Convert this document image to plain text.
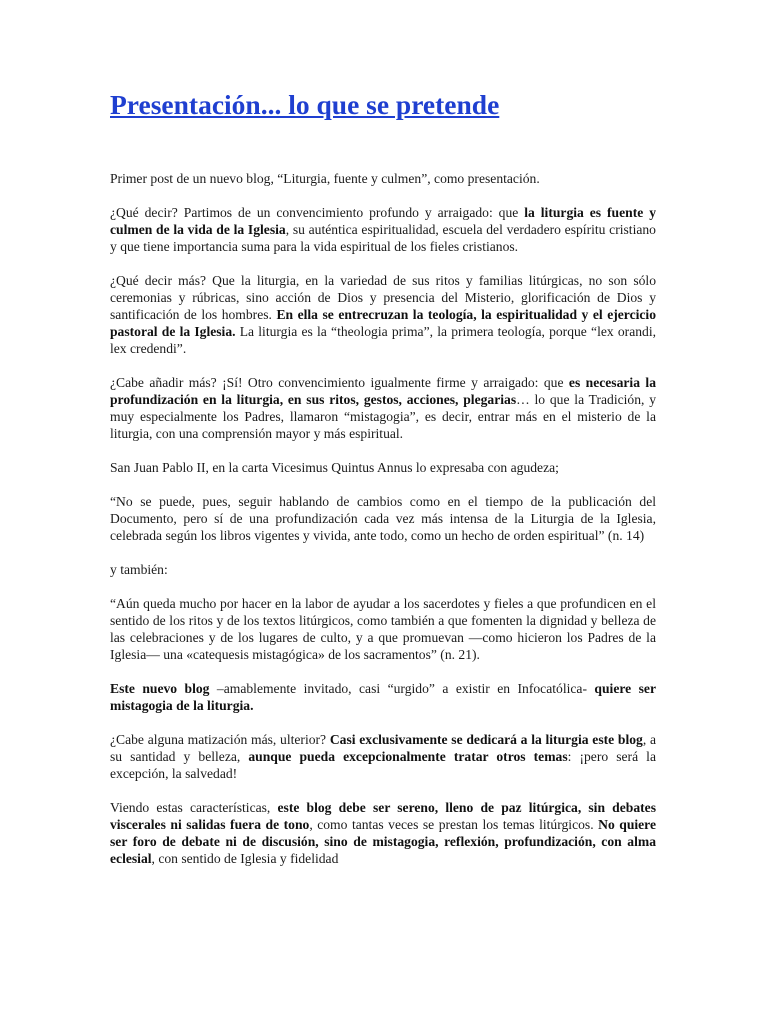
Presentación... lo que se pretende

Primer post de un nuevo blog, “Liturgia, fuente y culmen”, como presentación.

¿Qué decir? Partimos de un convencimiento profundo y arraigado: que la liturgia es fuente y culmen de la vida de la Iglesia, su auténtica espiritualidad, escuela del verdadero espíritu cristiano y que tiene importancia suma para la vida espiritual de los fieles cristianos.

¿Qué decir más? Que la liturgia, en la variedad de sus ritos y familias litúrgicas, no son sólo ceremonias y rúbricas, sino acción de Dios y presencia del Misterio, glorificación de Dios y santificación de los hombres. En ella se entrecruzan la teología, la espiritualidad y el ejercicio pastoral de la Iglesia. La liturgia es la “theologia prima”, la primera teología, porque “lex orandi, lex credendi”.

¿Cabe añadir más? ¡Sí! Otro convencimiento igualmente firme y arraigado: que es necesaria la profundización en la liturgia, en sus ritos, gestos, acciones, plegarias… lo que la Tradición, y muy especialmente los Padres, llamaron “mistagogia”, es decir, entrar más en el misterio de la liturgia, con una comprensión mayor y más espiritual.

San Juan Pablo II, en la carta Vicesimus Quintus Annus lo expresaba con agudeza;

“No se puede, pues, seguir hablando de cambios como en el tiempo de la publicación del Documento, pero sí de una profundización cada vez más intensa de la Liturgia de la Iglesia, celebrada según los libros vigentes y vivida, ante todo, como un hecho de orden espiritual” (n. 14)

y también:

“Aún queda mucho por hacer en la labor de ayudar a los sacerdotes y fieles a que profundicen en el sentido de los ritos y de los textos litúrgicos, como también a que fomenten la dignidad y belleza de las celebraciones y de los lugares de culto, y a que promuevan —como hicieron los Padres de la Iglesia— una «catequesis mistagógica» de los sacramentos” (n. 21).

Este nuevo blog –amablemente invitado, casi “urgido” a existir en Infocatólica- quiere ser mistagogia de la liturgia.

¿Cabe alguna matización más, ulterior? Casi exclusivamente se dedicará a la liturgia este blog, a su santidad y belleza, aunque pueda excepcionalmente tratar otros temas: ¡pero será la excepción, la salvedad!

Viendo estas características, este blog debe ser sereno, lleno de paz litúrgica, sin debates viscerales ni salidas fuera de tono, como tantas veces se prestan los temas litúrgicos. No quiere ser foro de debate ni de discusión, sino de mistagogia, reflexión, profundización, con alma eclesial, con sentido de Iglesia y fidelidad
